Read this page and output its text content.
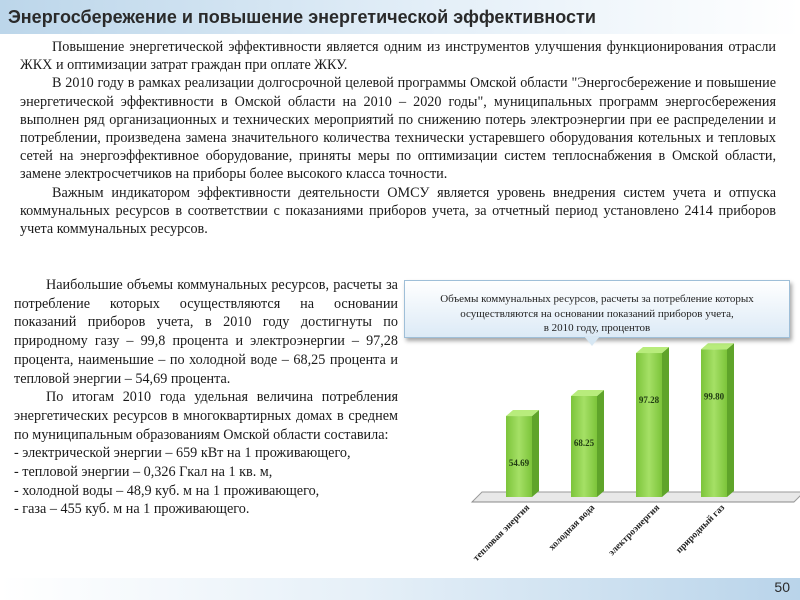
Энергосбережение и повышение энергетической эффективности

Повышение энергетической эффективности является одним из инструментов улучшения функционирования отрасли ЖКХ и оптимизации затрат граждан при оплате ЖКУ.

В 2010 году в рамках реализации долгосрочной целевой программы Омской области "Энергосбережение и повышение энергетической эффективности в Омской области на 2010 – 2020 годы", муниципальных программ энергосбережения выполнен ряд организационных и технических мероприятий по снижению потерь электроэнергии при ее распределении и потреблении, произведена замена значительного количества технически устаревшего оборудования котельных и тепловых сетей на энергоэффективное оборудование, приняты меры по оптимизации систем теплоснабжения в Омской области, замене электросчетчиков на приборы более высокого класса точности.

Важным индикатором эффективности деятельности ОМСУ является уровень внедрения систем учета и отпуска коммунальных ресурсов в соответствии с показаниями приборов учета, за отчетный период установлено 2414 приборов учета коммунальных ресурсов.

Наибольшие объемы коммунальных ресурсов, расчеты за потребление которых осуществляются на основании показаний приборов учета, в 2010 году достигнуты по природному газу – 99,8 процента и электроэнергии – 97,28 процента, наименьшие – по холодной воде – 68,25 процента и тепловой энергии – 54,69 процента.

По итогам 2010 года удельная величина потребления энергетических ресурсов в многоквартирных домах в среднем по муниципальным образованиям Омской области составила:

- электрической энергии – 659 кВт на 1 проживающего,

- тепловой энергии – 0,326 Гкал на 1 кв. м,

- холодной воды – 48,9 куб. м на 1 проживающего,

- газа – 455 куб. м на 1 проживающего.

54.69
68.25
97.28	99.80
тепловая энергия холодная вода электроэнергия природный газ
Объемы коммунальных ресурсов, расчеты за потребление которых
осуществляются на основании показаний приборов учета,
в 2010 году, процентов
50
